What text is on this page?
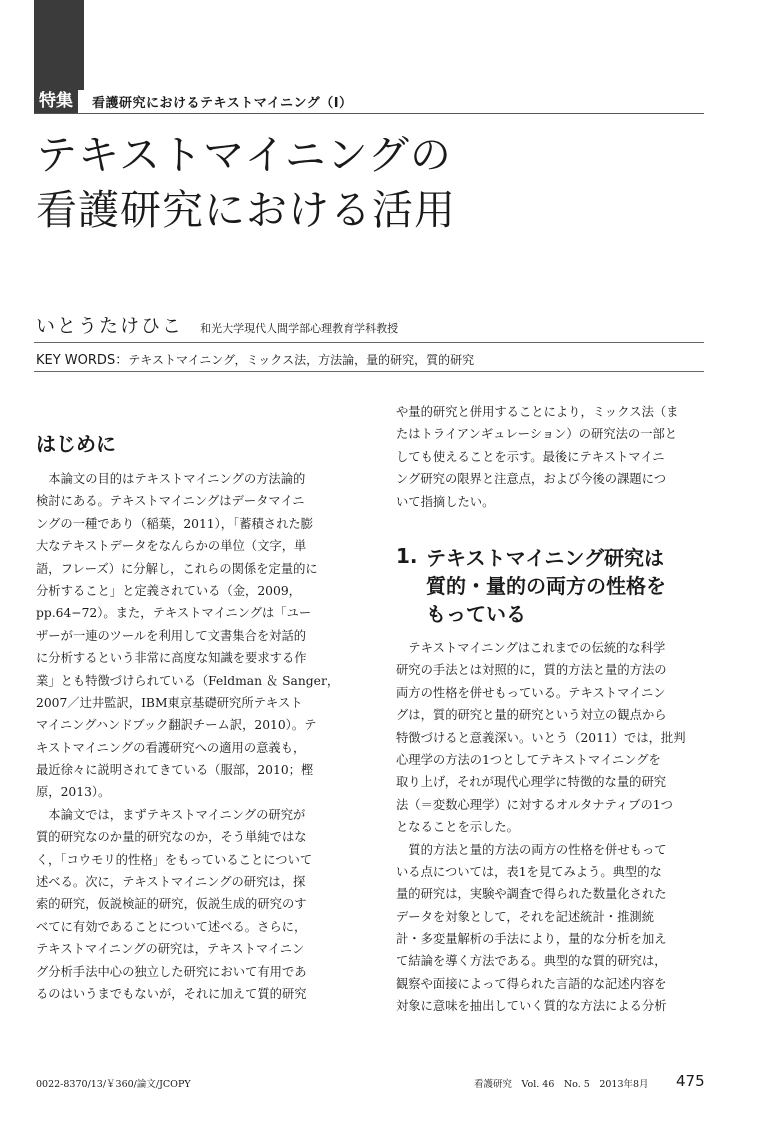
特集	看護研究におけるテキストマイニング（Ⅰ）
テキストマイニングの
看護研究における活用
いとうたけひこ 和光大学現代人間学部心理教育学科教授
KEY WORDS：テキストマイニング，ミックス法，方法論，量的研究，質的研究
はじめに
　本論文の目的はテキストマイニングの方法論的
検討にある。テキストマイニングはデータマイニ
ングの一種であり（稲葉，2011），「蓄積された膨
大なテキストデータをなんらかの単位（文字，単
語，フレーズ）に分解し，これらの関係を定量的に
分析すること」と定義されている（金，2009，
pp.64−72）。また，テキストマイニングは「ユー
ザーが一連のツールを利用して文書集合を対話的
に分析するという非常に高度な知識を要求する作
業」とも特徴づけられている（Feldman ＆ Sanger，
2007／辻井監訳，IBM東京基礎研究所テキスト
マイニングハンドブック翻訳チーム訳，2010）。テ
キストマイニングの看護研究への適用の意義も，
最近徐々に説明されてきている（服部，2010；樫
原，2013）。
　本論文では，まずテキストマイニングの研究が
質的研究なのか量的研究なのか，そう単純ではな
く，「コウモリ的性格」をもっていることについて
述べる。次に，テキストマイニングの研究は，探
索的研究，仮説検証的研究，仮説生成的研究のす
べてに有効であることについて述べる。さらに，
テキストマイニングの研究は，テキストマイニン
グ分析手法中心の独立した研究において有用であ
るのはいうまでもないが，それに加えて質的研究
や量的研究と併用することにより，ミックス法（ま
たはトライアンギュレーション）の研究法の一部と
しても使えることを示す。最後にテキストマイニ
ング研究の限界と注意点，および今後の課題につ
いて指摘したい。
1. テキストマイニング研究は
質的・量的の両方の性格を
もっている
　テキストマイニングはこれまでの伝統的な科学
研究の手法とは対照的に，質的方法と量的方法の
両方の性格を併せもっている。テキストマイニン
グは，質的研究と量的研究という対立の観点から
特徴づけると意義深い。いとう（2011）では，批判
心理学の方法の1つとしてテキストマイニングを
取り上げ，それが現代心理学に特徴的な量的研究
法（＝変数心理学）に対するオルタナティブの1つ
となることを示した。
　質的方法と量的方法の両方の性格を併せもって
いる点については，表1を見てみよう。典型的な
量的研究は，実験や調査で得られた数量化された
データを対象として，それを記述統計・推測統
計・多変量解析の手法により，量的な分析を加え
て結論を導く方法である。典型的な質的研究は，
観察や面接によって得られた言語的な記述内容を
対象に意味を抽出していく質的な方法による分析
0022-8370/13/￥360/論文/JCOPY	看護研究　Vol. 46　No. 5　2013年8月 475
